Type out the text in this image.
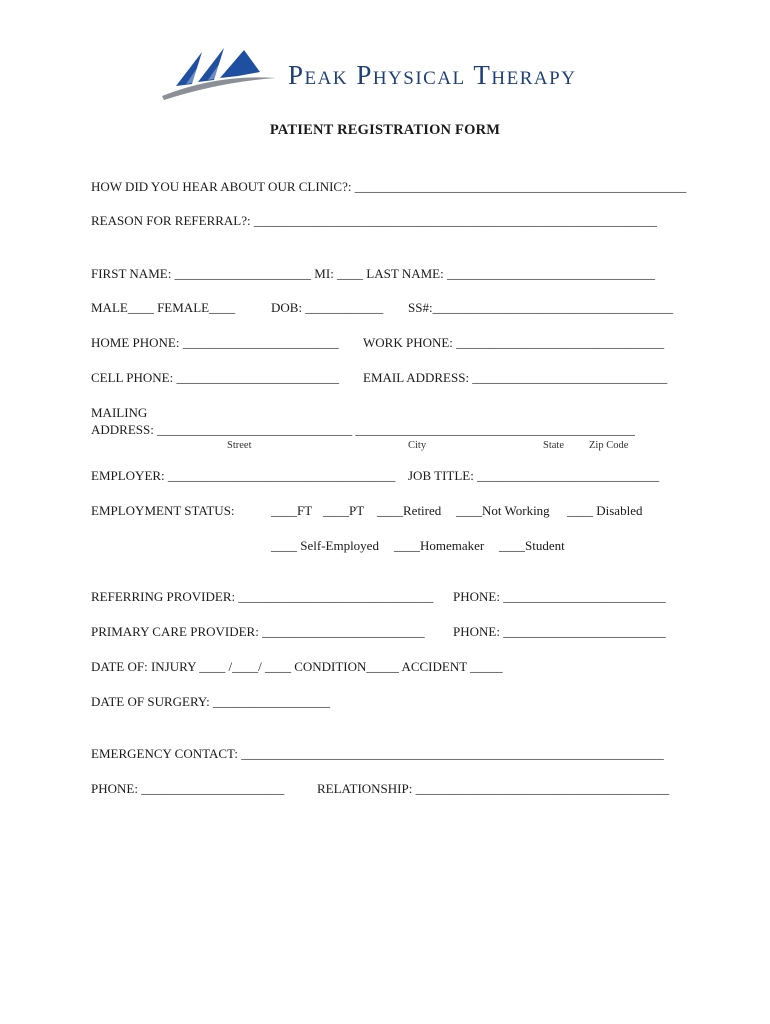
Peak Physical Therapy
PATIENT REGISTRATION FORM
HOW DID YOU HEAR ABOUT OUR CLINIC?: ___________________________________________________
REASON FOR REFERRAL?: ______________________________________________________________
FIRST NAME: _____________________ MI: ____ LAST NAME: ________________________________
MALE____ FEMALE____	DOB: ____________ SS#:_____________________________________
HOME PHONE: ________________________ WORK PHONE: ________________________________
CELL PHONE: _________________________ EMAIL ADDRESS: ______________________________
MAILING
ADDRESS: ______________________________ ___________________________________________
Street	City	State Zip Code
EMPLOYER: ___________________________________ JOB TITLE: ____________________________
EMPLOYMENT STATUS:	____FT ____PT ____Retired ____Not Working ____ Disabled
____ Self-Employed ____Homemaker ____Student
REFERRING PROVIDER: ______________________________ PHONE: _________________________
PRIMARY CARE PROVIDER: _________________________ PHONE: _________________________
DATE OF: INJURY ____ /____/ ____ CONDITION_____ ACCIDENT _____
DATE OF SURGERY: __________________
EMERGENCY CONTACT: _________________________________________________________________
PHONE: ______________________	RELATIONSHIP: _______________________________________
